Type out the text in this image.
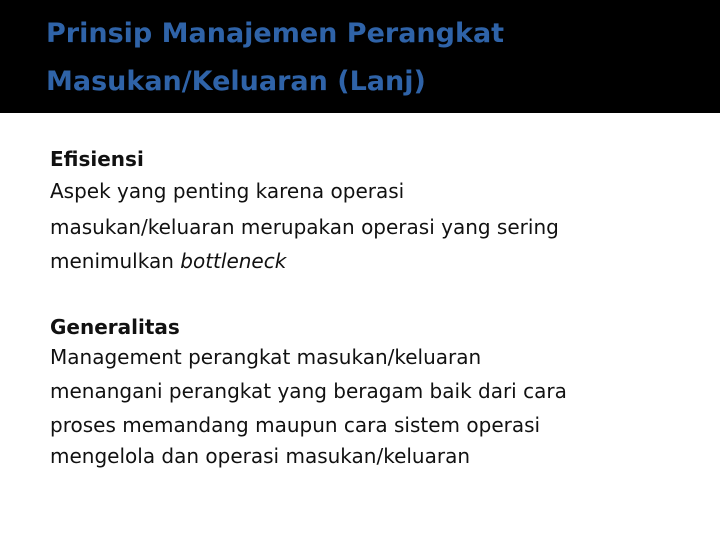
Prinsip Manajemen Perangkat
Masukan/Keluaran (Lanj)
Efisiensi
Aspek yang penting karena operasi
masukan/keluaran merupakan operasi yang sering
menimulkan bottleneck
Generalitas
Management perangkat masukan/keluaran
menangani perangkat yang beragam baik dari cara
proses memandang maupun cara sistem operasi
mengelola dan operasi masukan/keluaran
